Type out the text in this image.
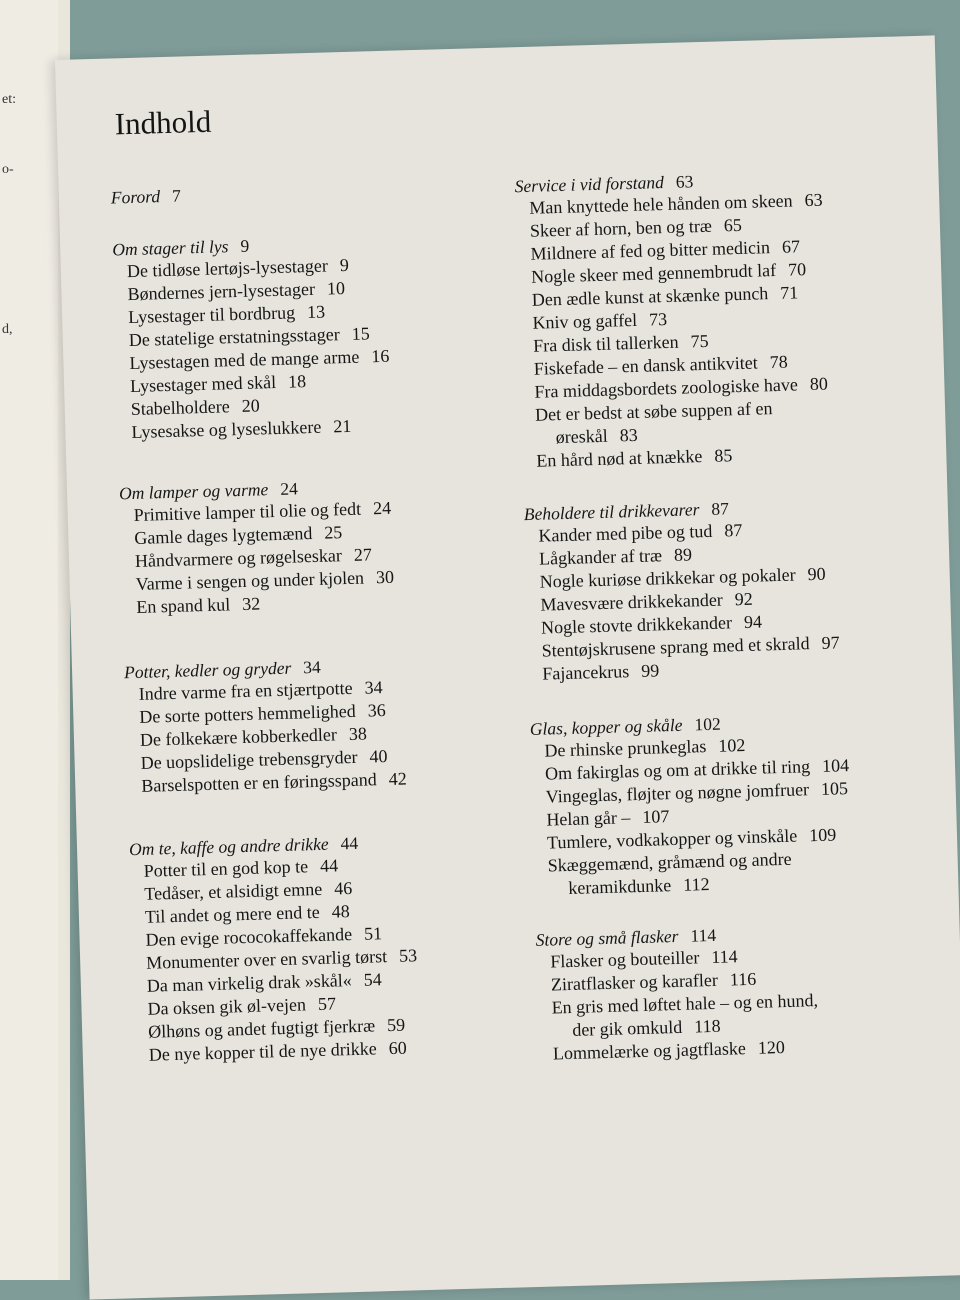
et:
o-
d,
Indhold
Forord 7
Om stager til lys 9
De tidløse lertøjs-lysestager 9
Bøndernes jern-lysestager 10
Lysestager til bordbrug 13
De statelige erstatningsstager 15
Lysestagen med de mange arme 16
Lysestager med skål 18
Stabelholdere 20
Lysesakse og lyseslukkere 21
Om lamper og varme 24
Primitive lamper til olie og fedt 24
Gamle dages lygtemænd 25
Håndvarmere og røgelseskar 27
Varme i sengen og under kjolen 30
En spand kul 32
Potter, kedler og gryder 34
Indre varme fra en stjærtpotte 34
De sorte potters hemmelighed 36
De folkekære kobberkedler 38
De uopslidelige trebensgryder 40
Barselspotten er en føringsspand 42
Om te, kaffe og andre drikke 44
Potter til en god kop te 44
Tedåser, et alsidigt emne 46
Til andet og mere end te 48
Den evige rococokaffekande 51
Monumenter over en svarlig tørst 53
Da man virkelig drak »skål« 54
Da oksen gik øl-vejen 57
Ølhøns og andet fugtigt fjerkræ 59
De nye kopper til de nye drikke 60
Service i vid forstand 63
Man knyttede hele hånden om skeen 63
Skeer af horn, ben og træ 65
Mildnere af fed og bitter medicin 67
Nogle skeer med gennembrudt laf 70
Den ædle kunst at skænke punch 71
Kniv og gaffel 73
Fra disk til tallerken 75
Fiskefade – en dansk antikvitet 78
Fra middagsbordets zoologiske have 80
Det er bedst at søbe suppen af en
øreskål 83
En hård nød at knække 85
Beholdere til drikkevarer 87
Kander med pibe og tud 87
Lågkander af træ 89
Nogle kuriøse drikkekar og pokaler 90
Mavesvære drikkekander 92
Nogle stovte drikkekander 94
Stentøjskrusene sprang med et skrald 97
Fajancekrus 99
Glas, kopper og skåle 102
De rhinske prunkeglas 102
Om fakirglas og om at drikke til ring 104
Vingeglas, fløjter og nøgne jomfruer 105
Helan går – 107
Tumlere, vodkakopper og vinskåle 109
Skæggemænd, gråmænd og andre
keramikdunke 112
Store og små flasker 114
Flasker og bouteiller 114
Ziratflasker og karafler 116
En gris med løftet hale – og en hund,
der gik omkuld 118
Lommelærke og jagtflaske 120
